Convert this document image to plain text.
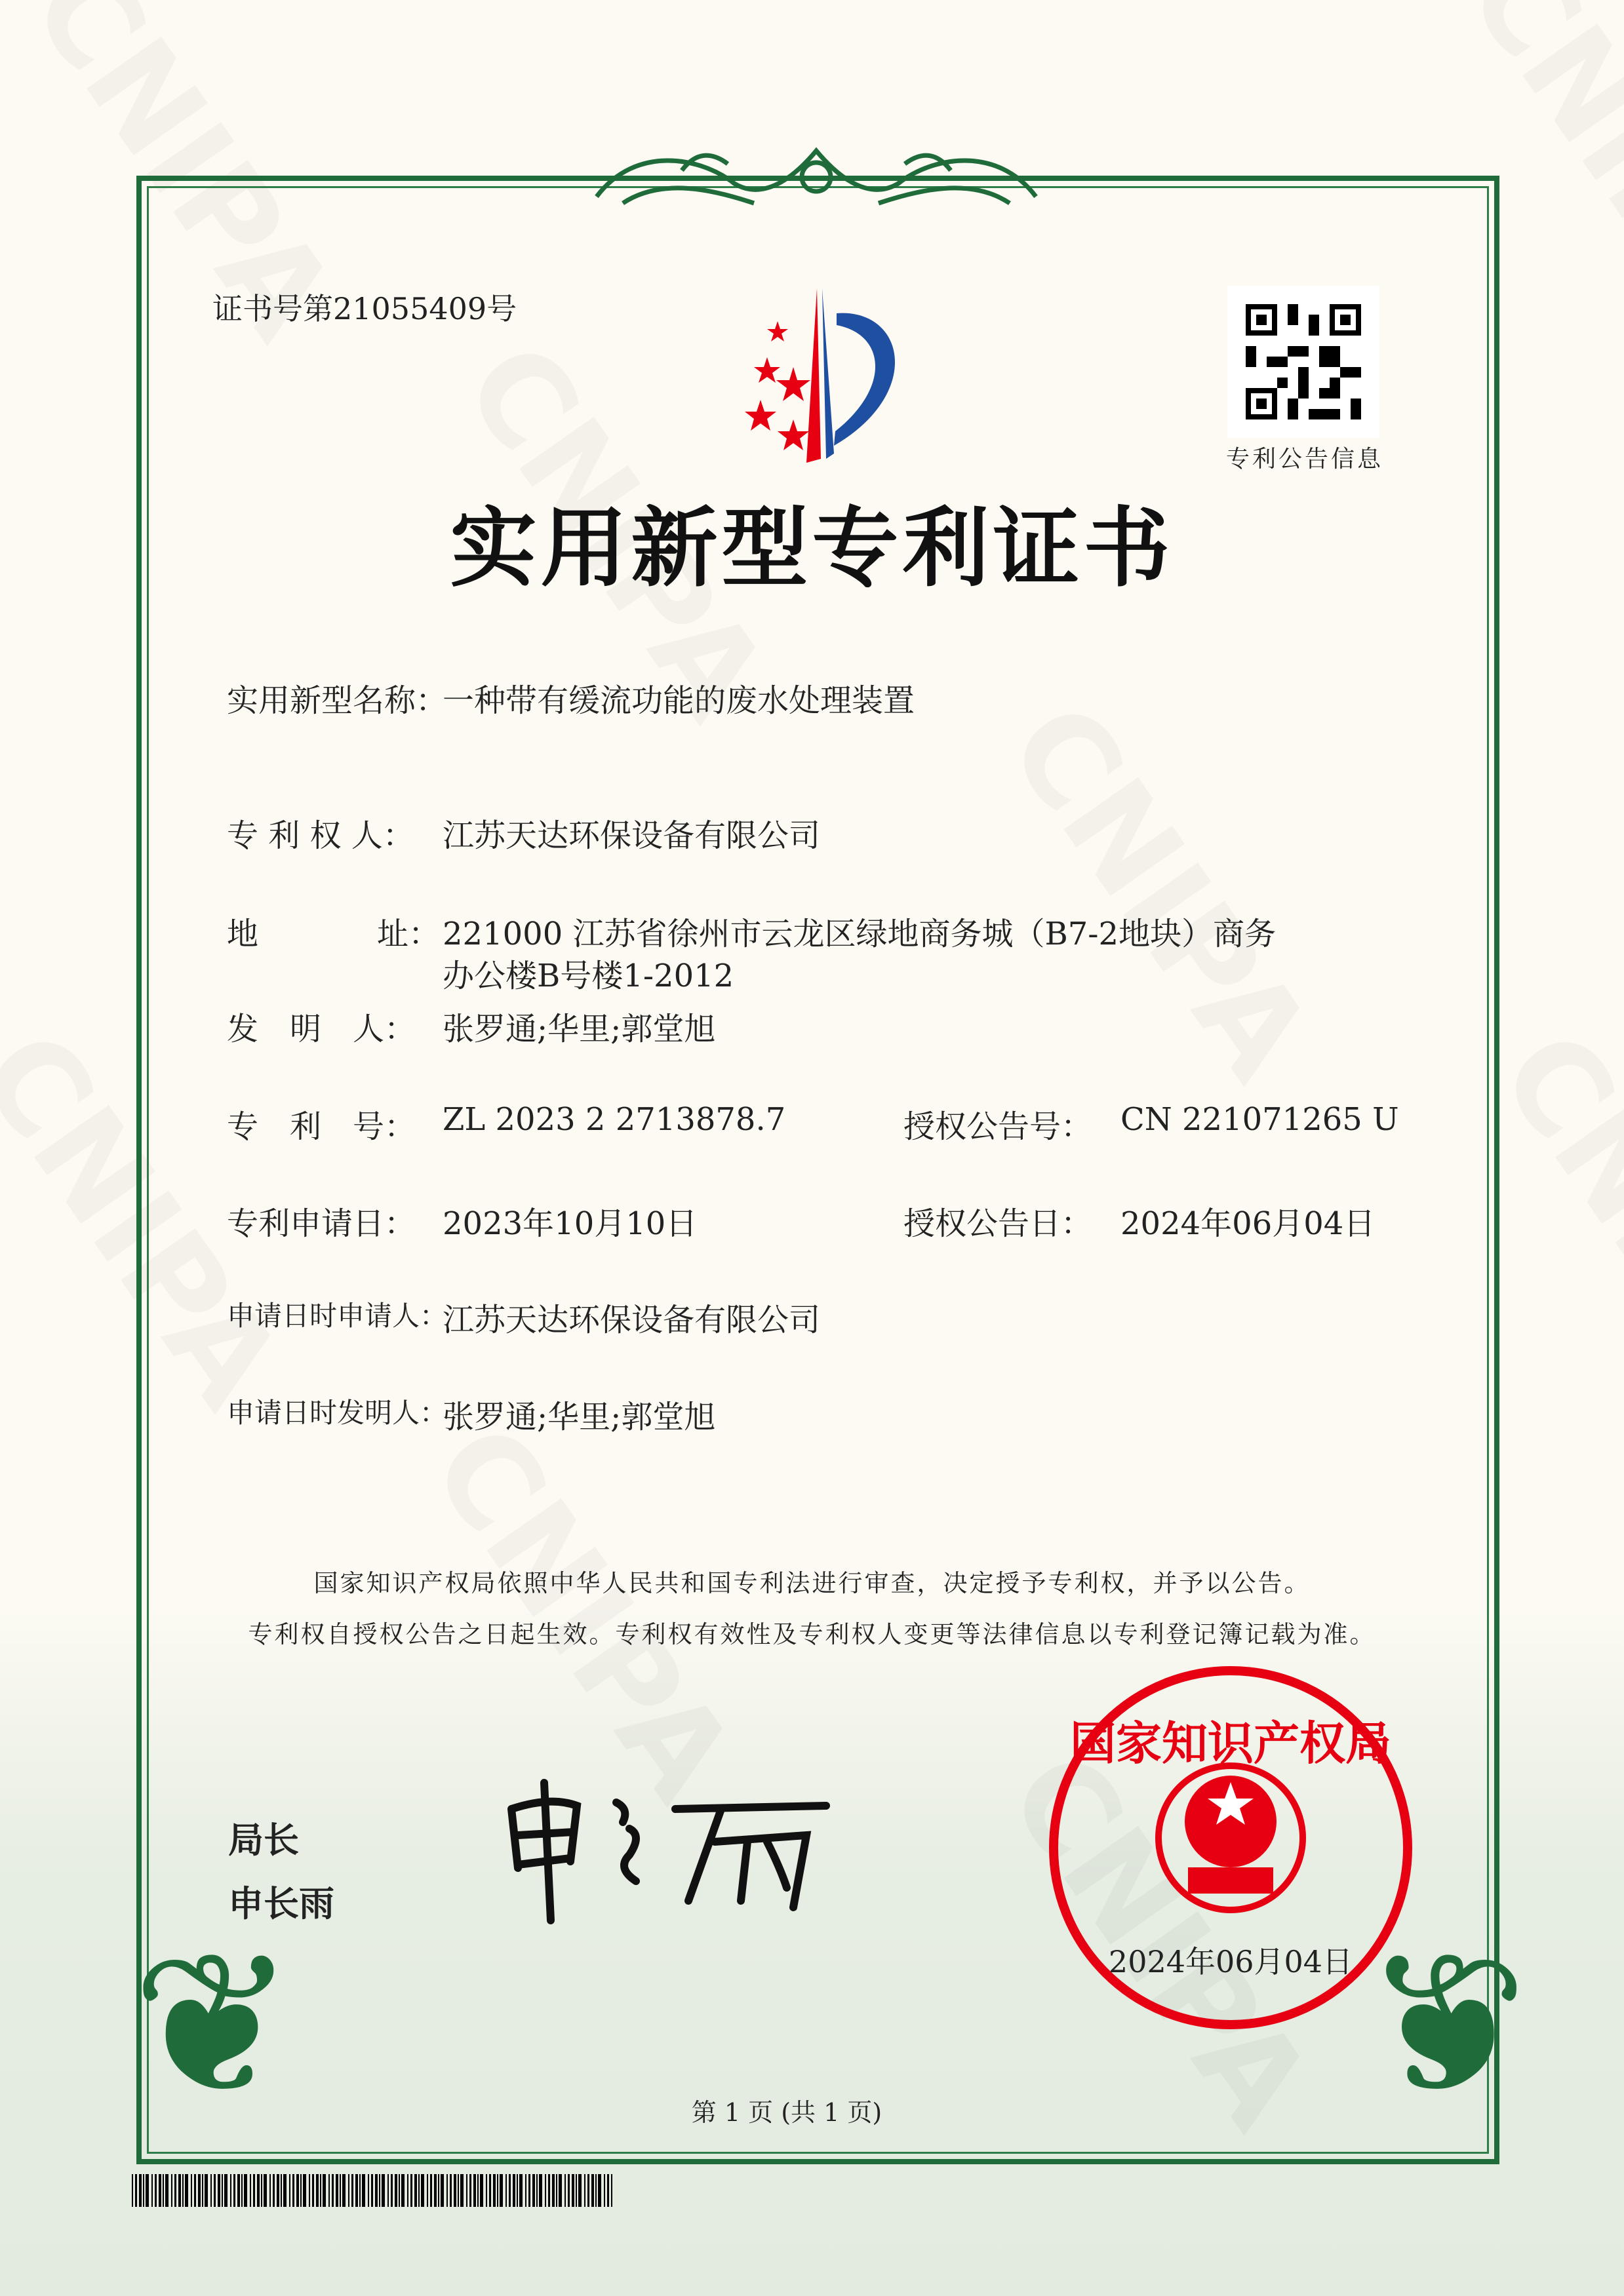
证书号第21055409号
专利公告信息
实用新型专利证书
实用新型名称：
一种带有缓流功能的废水处理装置
专 利 权 人： 江苏天达环保设备有限公司
地	址： 221000 江苏省徐州市云龙区绿地商务城（B7-2地块）商务
办公楼B号楼1-2012
发　明　人： 张罗通;华里;郭堂旭
专　利　号： ZL 2023 2 2713878.7	授权公告号： CN 221071265 U
专利申请日： 2023年10月10日	授权公告日： 2024年06月04日
申请日时申请人：
江苏天达环保设备有限公司
申请日时发明人：
张罗通;华里;郭堂旭
国家知识产权局依照中华人民共和国专利法进行审查，决定授予专利权，并予以公告。
专利权自授权公告之日起生效。专利权有效性及专利权人变更等法律信息以专利登记簿记载为准。
局长
申长雨
国家知识产权局
2024年06月04日
❦	❦
第 1 页 (共 1 页)
